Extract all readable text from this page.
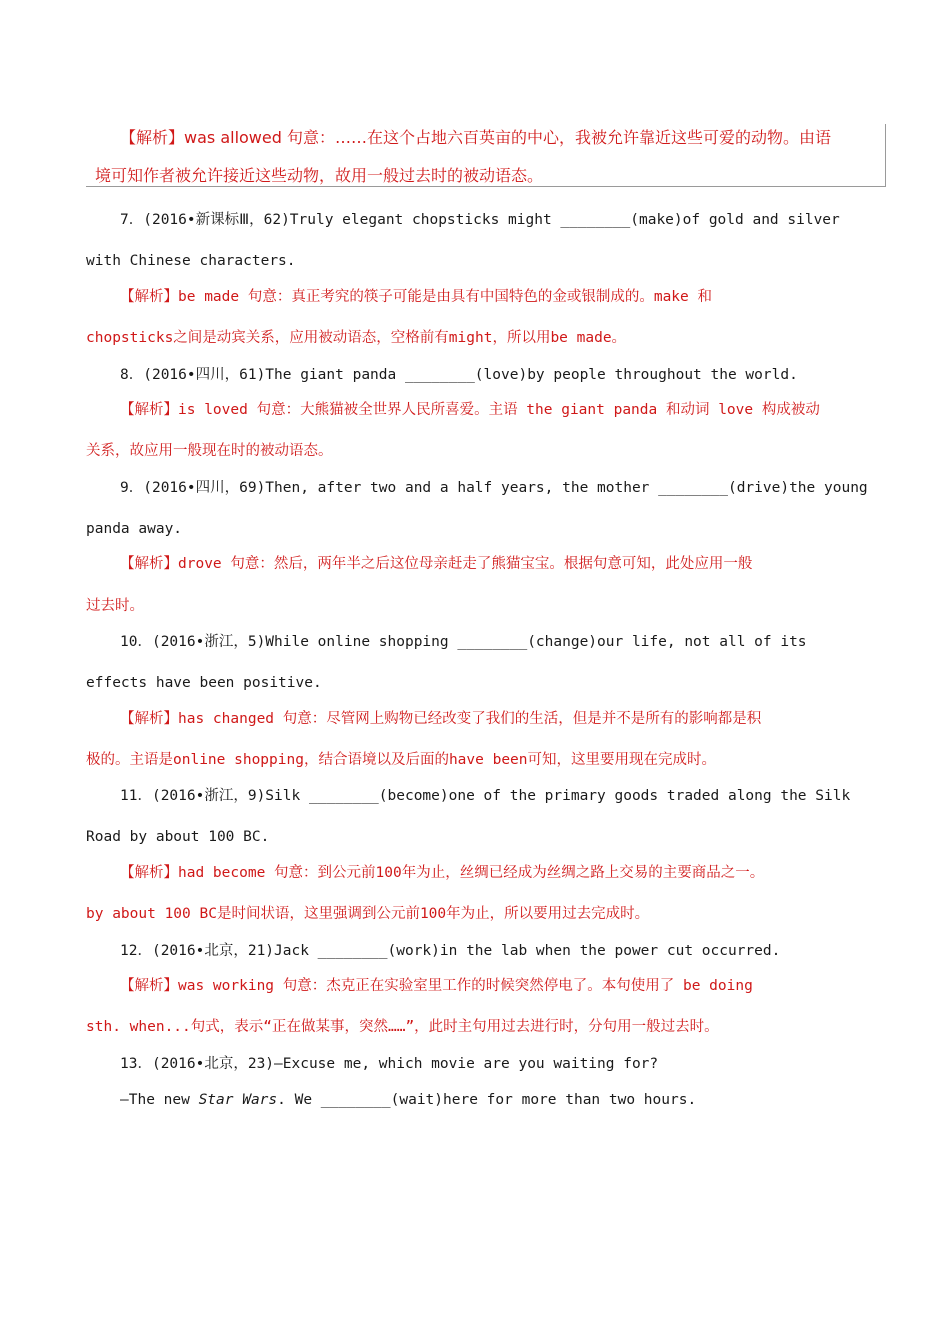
【解析】was allowed 句意：……在这个占地六百英亩的中心，我被允许靠近这些可爱的动物。由语
境可知作者被允许接近这些动物，故用一般过去时的被动语态。
7．(2016•新课标Ⅲ，62)Truly elegant chopsticks might ________(make)of gold and silver
with Chinese characters.
【解析】be made 句意：真正考究的筷子可能是由具有中国特色的金或银制成的。make 和
chopsticks之间是动宾关系，应用被动语态，空格前有might，所以用be made。
8．(2016•四川，61)The giant panda ________(love)by people throughout the world.
【解析】is loved 句意：大熊猫被全世界人民所喜爱。主语 the giant panda 和动词 love 构成被动
关系，故应用一般现在时的被动语态。
9．(2016•四川，69)Then, after two and a half years, the mother ________(drive)the young
panda away.
【解析】drove 句意：然后，两年半之后这位母亲赶走了熊猫宝宝。根据句意可知，此处应用一般
过去时。
10．(2016•浙江，5)While online shopping ________(change)our life, not all of its
effects have been positive.
【解析】has changed 句意：尽管网上购物已经改变了我们的生活，但是并不是所有的影响都是积
极的。主语是online shopping，结合语境以及后面的have been可知，这里要用现在完成时。
11．(2016•浙江，9)Silk ________(become)one of the primary goods traded along the Silk
Road by about 100 BC.
【解析】had become 句意：到公元前100年为止，丝绸已经成为丝绸之路上交易的主要商品之一。
by about 100 BC是时间状语，这里强调到公元前100年为止，所以要用过去完成时。
12．(2016•北京，21)Jack ________(work)in the lab when the power cut occurred.
【解析】was working 句意：杰克正在实验室里工作的时候突然停电了。本句使用了 be doing
sth. when...句式，表示“正在做某事，突然……”，此时主句用过去进行时，分句用一般过去时。
13．(2016•北京，23)—Excuse me, which movie are you waiting for?
—The new Star Wars. We ________(wait)here for more than two hours.
